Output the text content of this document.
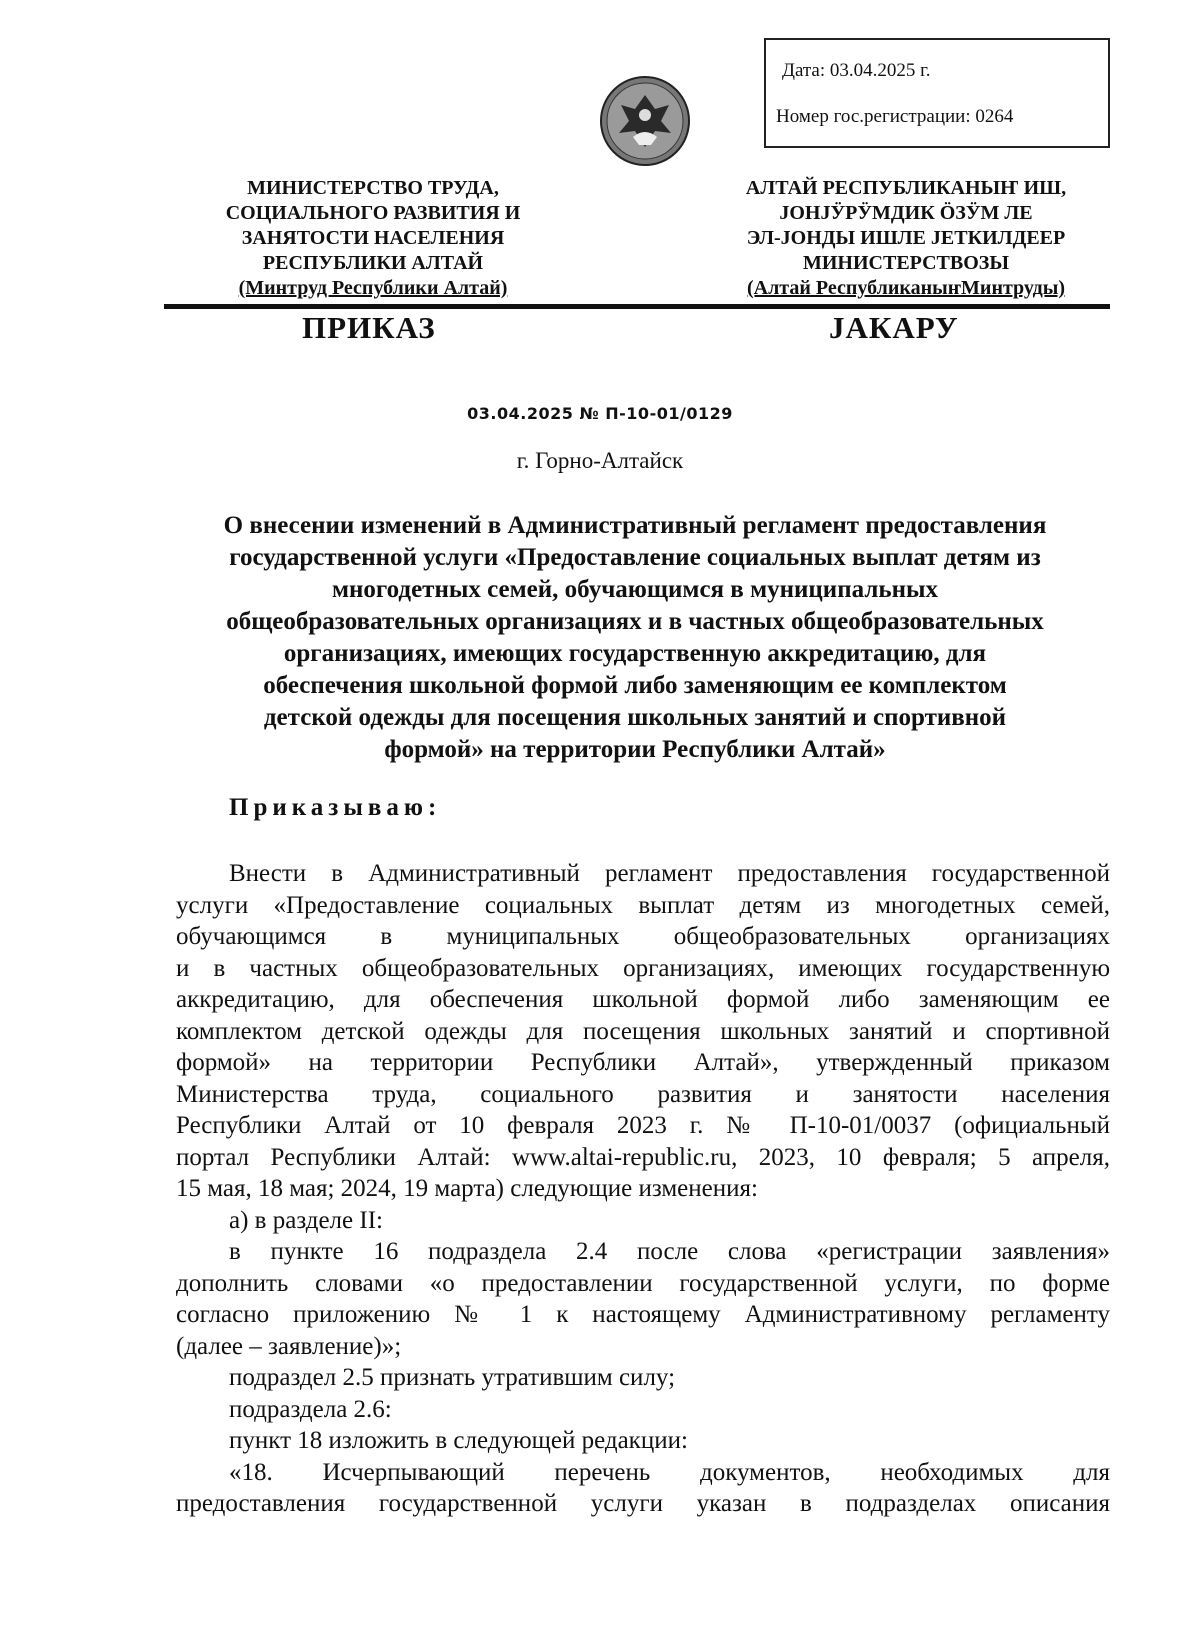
Дата: 03.04.2025 г.
Номер гос.регистрации: 0264
МИНИСТЕРСТВО ТРУДА,
СОЦИАЛЬНОГО РАЗВИТИЯ И
ЗАНЯТОСТИ НАСЕЛЕНИЯ
РЕСПУБЛИКИ АЛТАЙ
(Минтруд Республики Алтай)
АЛТАЙ РЕСПУБЛИКАНЫҤ ИШ,
ЈОНЈӰРӰМДИК ÖЗӰМ ЛЕ
ЭЛ-ЈОНДЫ ИШЛЕ ЈЕТКИЛДЕЕР
МИНИСТЕРСТВОЗЫ
(Алтай РеспубликаныҥМинтруды)
ПРИКАЗ	ЈАКАРУ
03.04.2025 № П-10-01/0129
г. Горно-Алтайск
О внесении изменений в Административный регламент предоставления
государственной услуги «Предоставление социальных выплат детям из
многодетных семей, обучающимся в муниципальных
общеобразовательных организациях и в частных общеобразовательных
организациях, имеющих государственную аккредитацию, для
обеспечения школьной формой либо заменяющим ее комплектом
детской одежды для посещения школьных занятий и спортивной
формой» на территории Республики Алтай»
Приказываю:
Внести в Административный регламент предоставления государственной
услуги «Предоставление социальных выплат детям из многодетных семей,
обучающимся в муниципальных общеобразовательных организациях
и в частных общеобразовательных организациях, имеющих государственную
аккредитацию, для обеспечения школьной формой либо заменяющим ее
комплектом детской одежды для посещения школьных занятий и спортивной
формой» на территории Республики Алтай», утвержденный приказом
Министерства труда, социального развития и занятости населения
Республики Алтай от 10 февраля 2023 г. № П-10-01/0037 (официальный
портал Республики Алтай: www.altai-republic.ru, 2023, 10 февраля; 5 апреля,
15 мая, 18 мая; 2024, 19 марта) следующие изменения:
а) в разделе II:
в пункте 16 подраздела 2.4 после слова «регистрации заявления»
дополнить словами «о предоставлении государственной услуги, по форме
согласно приложению № 1 к настоящему Административному регламенту
(далее – заявление)»;
подраздел 2.5 признать утратившим силу;
подраздела 2.6:
пункт 18 изложить в следующей редакции:
«18. Исчерпывающий перечень документов, необходимых для
предоставления государственной услуги указан в подразделах описания
